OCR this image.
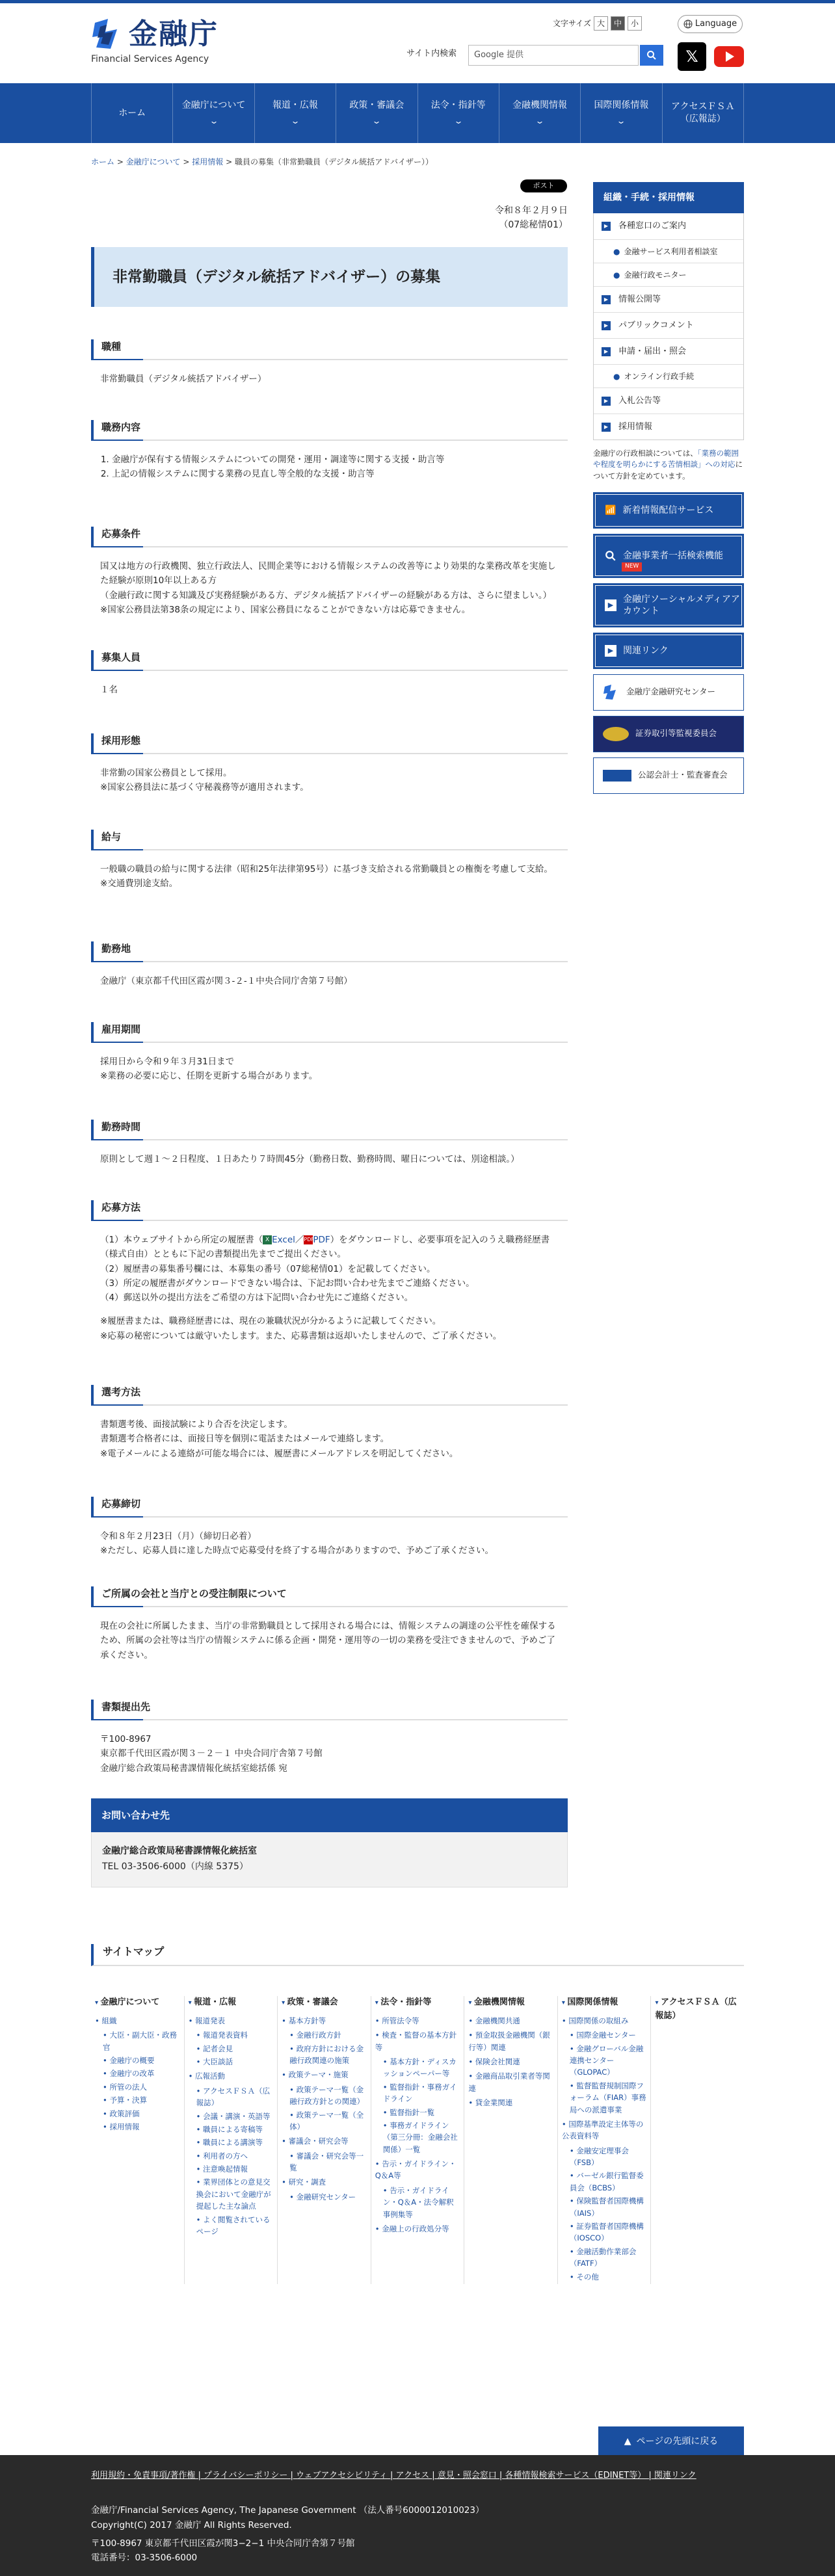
金融庁
Financial Services Agency
文字サイズ 大	中	小	Language
サイト内検索 Google 提供	𝕏
ホーム
金融庁について
⌄
報道・広報
⌄
政策・審議会
⌄
法令・指針等
⌄
金融機関情報
⌄
国際関係情報
⌄
アクセスＦＳＡ
（広報誌）
ホーム > 金融庁について > 採用情報 > 職員の募集（非常勤職員（デジタル統括アドバイザー））
ポスト
令和８年２月９日
（07総秘情01）
非常勤職員（デジタル統括アドバイザー）の募集
職種

非常勤職員（デジタル統括アドバイザー）

職務内容
1. 金融庁が保有する情報システムについての開発・運用・調達等に関する支援・助言等
2. 上記の情報システムに関する業務の見直し等全般的な支援・助言等
応募条件

国又は地方の行政機関、独立行政法人、民間企業等における情報システムの改善等により効果的な業務改革を実施した経験が原則10年以上ある方

（金融行政に関する知識及び実務経験がある方、デジタル統括アドバイザーの経験がある方は、さらに望ましい。）

※国家公務員法第38条の規定により、国家公務員になることができない方は応募できません。

募集人員

１名

採用形態

非常勤の国家公務員として採用。

※国家公務員法に基づく守秘義務等が適用されます。

給与

一般職の職員の給与に関する法律（昭和25年法律第95号）に基づき支給される常勤職員との権衡を考慮して支給。

※交通費別途支給。

勤務地

金融庁（東京都千代田区霞が関３-２-１中央合同庁舎第７号館）

雇用期間

採用日から令和９年３月31日まで

※業務の必要に応じ、任期を更新する場合があります。

勤務時間

原則として週１～２日程度、１日あたり７時間45分（勤務日数、勤務時間、曜日については、別途相談。）

応募方法

（1）本ウェブサイトから所定の履歴書（ X Excel／PDFPDF）をダウンロードし、必要事項を記入のうえ職務経歴書（様式自由）とともに下記の書類提出先までご提出ください。

（2）履歴書の募集番号欄には、本募集の番号（07総秘情01）を記載してください。

（3）所定の履歴書がダウンロードできない場合は、下記お問い合わせ先までご連絡ください。

（4）郵送以外の提出方法をご希望の方は下記問い合わせ先にご連絡ください。

※履歴書または、職務経歴書には、現在の兼職状況が分かるように記載してください。

※応募の秘密については厳守いたします。また、応募書類は返却いたしませんので、ご了承ください。

選考方法

書類選考後、面接試験により合否を決定します。

書類選考合格者には、面接日等を個別に電話またはメールで連絡します。

※電子メールによる連絡が可能な場合には、履歴書にメールアドレスを明記してください。

応募締切

令和８年２月23日（月）（締切日必着）

※ただし、応募人員に達した時点で応募受付を終了する場合がありますので、予めご了承ください。

ご所属の会社と当庁との受注制限について

現在の会社に所属したまま、当庁の非常勤職員として採用される場合には、情報システムの調達の公平性を確保するため、所属の会社等は当庁の情報システムに係る企画・開発・運用等の一切の業務を受注できませんので、予めご了承ください。

書類提出先

〒100-8967

東京都千代田区霞が関３－２－１ 中央合同庁舎第７号館

金融庁総合政策局秘書課情報化統括室総括係 宛

お問い合わせ先

金融庁総合政策局秘書課情報化統括室

TEL 03-3506-6000（内線 5375）

組織・手続・採用情報
▶	各種窓口のご案内
● 金融サービス利用者相談室
● 金融行政モニター
▶	情報公開等
▶	パブリックコメント
▶	申請・届出・照会
● オンライン行政手続
▶	入札公告等
▶	採用情報

金融庁の行政相談については、「業務の範囲や程度を明らかにする苦情相談」への対応について方針を定めています。

📶 新着情報配信サービス
金融事業者一括検索機能
NEW
▶
金融庁ソーシャルメディアアカウント
▶	関連リンク
金融庁金融研究センター
証券取引等監視委員会
公認会計士・監査審査会
サイトマップ
▾ 金融庁について
• 組織
• 大臣・副大臣・政務官
• 金融庁の概要
• 金融庁の改革
• 所管の法人
• 予算・決算
• 政策評価
• 採用情報
▾ 報道・広報
• 報道発表
• 報道発表資料
• 記者会見
• 大臣談話
• 広報活動
• アクセスＦＳＡ（広報誌）
• 会議・講演・英語等
• 職員による寄稿等
• 職員による講演等
• 利用者の方へ
• 注意喚起情報
• 業界団体との意見交換会において金融庁が提起した主な論点
• よく閲覧されているページ
▾ 政策・審議会
• 基本方針等
• 金融行政方針
• 政府方針における金融行政関連の施策
• 政策テーマ・施策
• 政策テーマ一覧（金融行政方針との関連）
• 政策テーマ一覧（全体）
• 審議会・研究会等
• 審議会・研究会等一覧
• 研究・調査
• 金融研究センター
▾ 法令・指針等
• 所管法令等
• 検査・監督の基本方針等
• 基本方針・ディスカッションペーパー等
• 監督指針・事務ガイドライン
• 監督指針一覧
• 事務ガイドライン（第三分冊：金融会社関係）一覧
• 告示・ガイドライン・Q＆A等
• 告示・ガイドライン・Q＆A・法令解釈事例集等
• 金融上の行政処分等
▾ 金融機関情報
• 金融機関共通
• 預金取扱金融機関（銀行等）関連
• 保険会社関連
• 金融商品取引業者等関連
• 貸金業関連
▾ 国際関係情報
• 国際関係の取組み
• 国際金融センター
• 金融グローバル金融連携センター（GLOPAC）
• 監督監督規制国際フォーラム（FIAR）事務局への派遣事業
• 国際基準設定主体等の公表資料等
• 金融安定理事会（FSB）
• バーゼル銀行監督委員会（BCBS）
• 保険監督者国際機構（IAIS）
• 証券監督者国際機構（IOSCO）
• 金融活動作業部会（FATF）
• その他
▾ アクセスＦＳＡ（広報誌）
▲ ページの先頭に戻る
利用規約・免責事項/著作権 | プライバシーポリシー | ウェブアクセシビリティ | アクセス | 意見・照会窓口 | 各種情報検索サービス（EDINET等） | 関連リンク

金融庁/Financial Services Agency, The Japanese Government （法人番号6000012010023）

Copyright(C) 2017 金融庁 All Rights Reserved.

〒100-8967 東京都千代田区霞が関3−2−1 中央合同庁舎第７号館

電話番号：03-3506-6000
